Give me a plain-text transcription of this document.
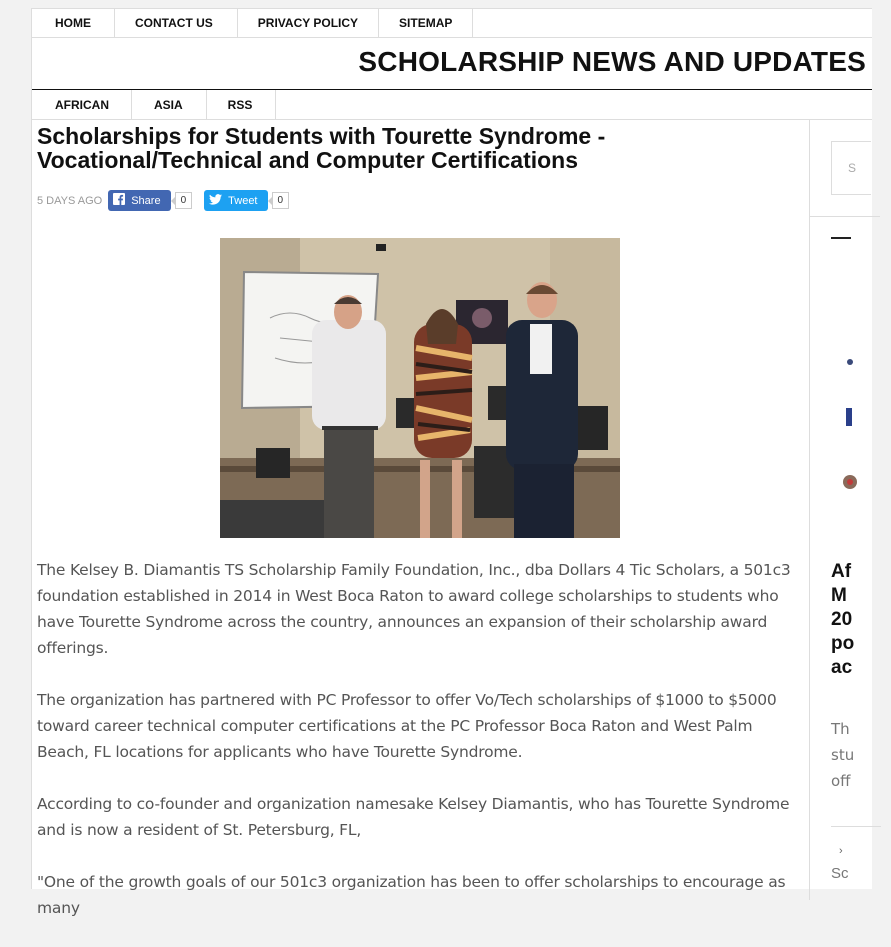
HOME	CONTACT US	PRIVACY POLICY	SITEMAP
SCHOLARSHIP NEWS AND UPDATES
AFRICAN	ASIA	RSS
Scholarships for Students with Tourette Syndrome - Vocational/Technical and Computer Certifications
5 DAYS AGO	Share	0	Tweet	0

The Kelsey B. Diamantis TS Scholarship Family Foundation, Inc., dba Dollars 4 Tic Scholars, a 501c3 foundation established in 2014 in West Boca Raton to award college scholarships to students who have Tourette Syndrome across the country, announces an expansion of their scholarship award offerings.

The organization has partnered with PC Professor to offer Vo/Tech scholarships of $1000 to $5000 toward career technical computer certifications at the PC Professor Boca Raton and West Palm Beach, FL locations for applicants who have Tourette Syndrome.

According to co-founder and organization namesake Kelsey Diamantis, who has Tourette Syndrome and is now a resident of St. Petersburg, FL,

"One of the growth goals of our 501c3 organization has been to offer scholarships to encourage as many

S
Af
M
20
po
ac
Th
stu
off
›
Sc
